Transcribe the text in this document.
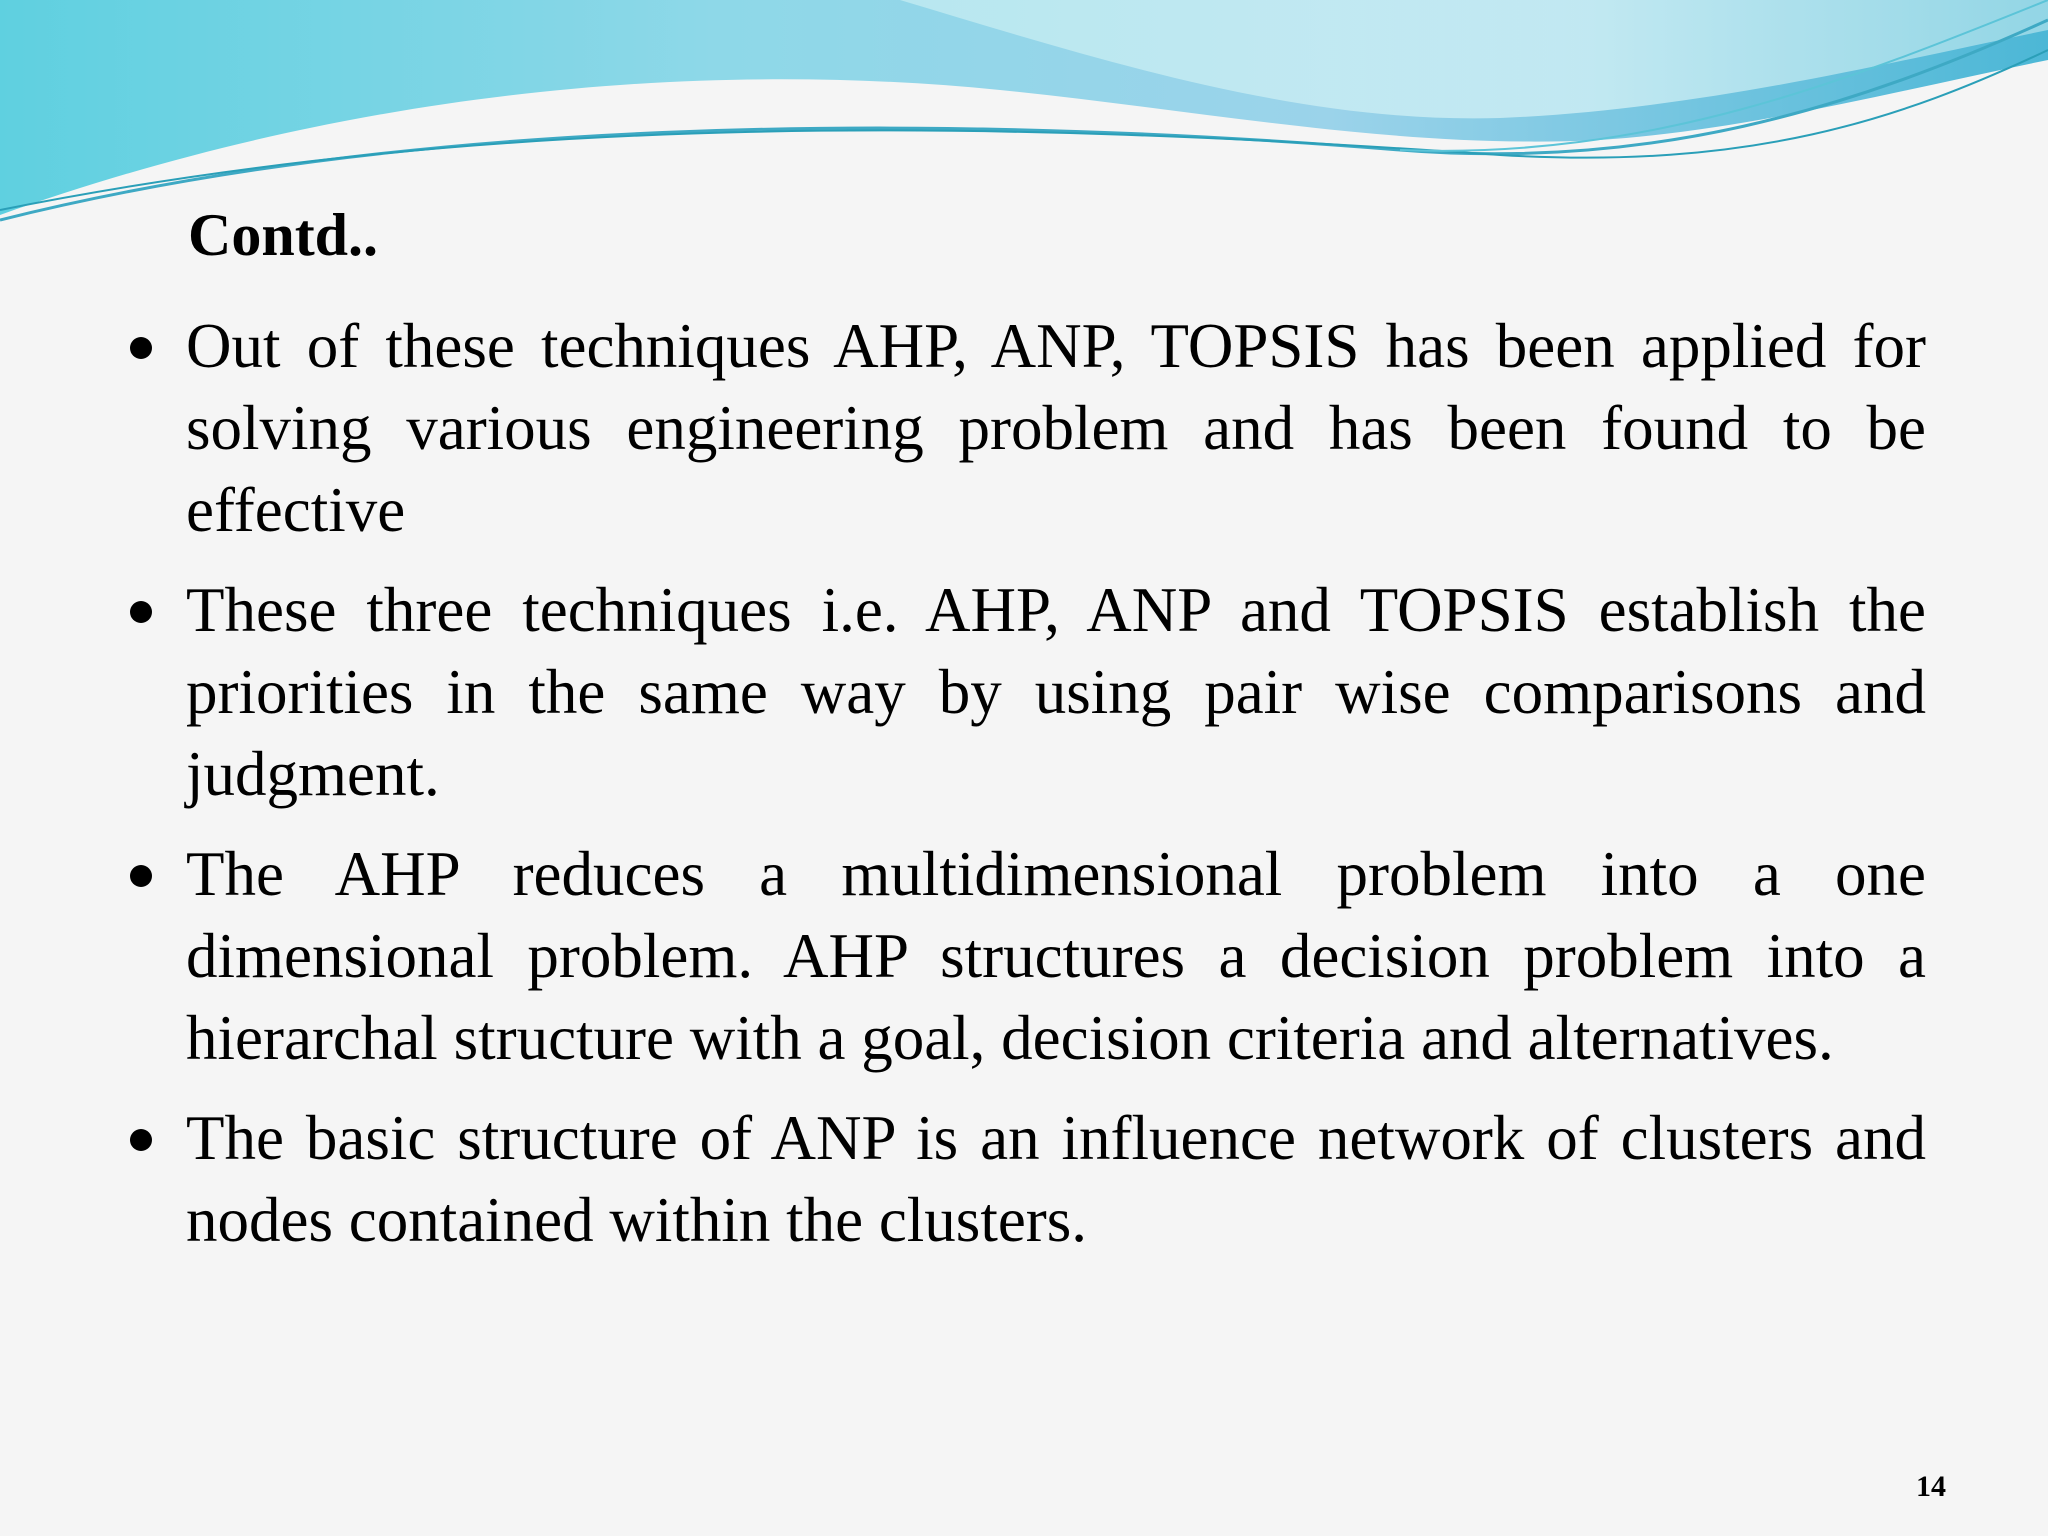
Contd..
Out of these techniques AHP, ANP, TOPSIS has been applied for solving various engineering problem and has been found to be effective
These three techniques i.e. AHP, ANP and TOPSIS establish the priorities in the same way by using pair wise comparisons and judgment.
The AHP reduces a multidimensional problem into a one dimensional problem. AHP structures a decision problem into a hierarchal structure with a goal, decision criteria and alternatives.
The basic structure of ANP is an influence network of clusters and nodes contained within the clusters.
14
